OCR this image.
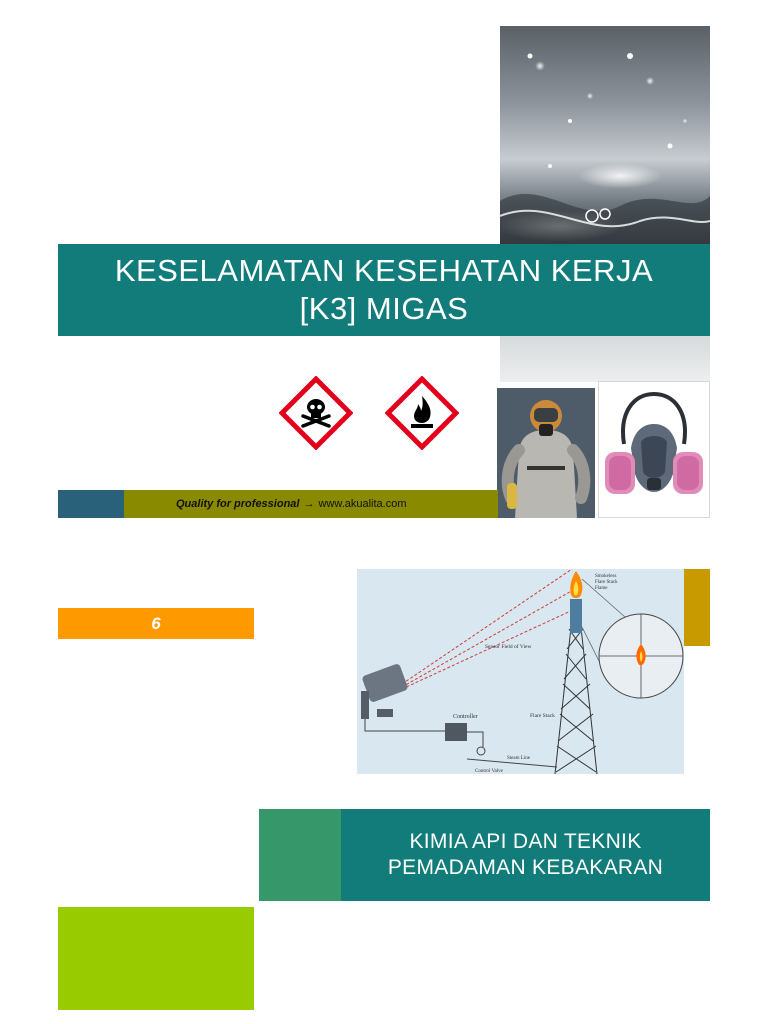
KESELAMATAN KESEHATAN KERJA
[K3] MIGAS
Quality for professional → www.akualita.com
6
Controller
Steam Line
Control Valve
Smokeless
Flare Stack
Flame
Sensor Field of View
Flare Stack
KIMIA API DAN TEKNIK
PEMADAMAN KEBAKARAN
